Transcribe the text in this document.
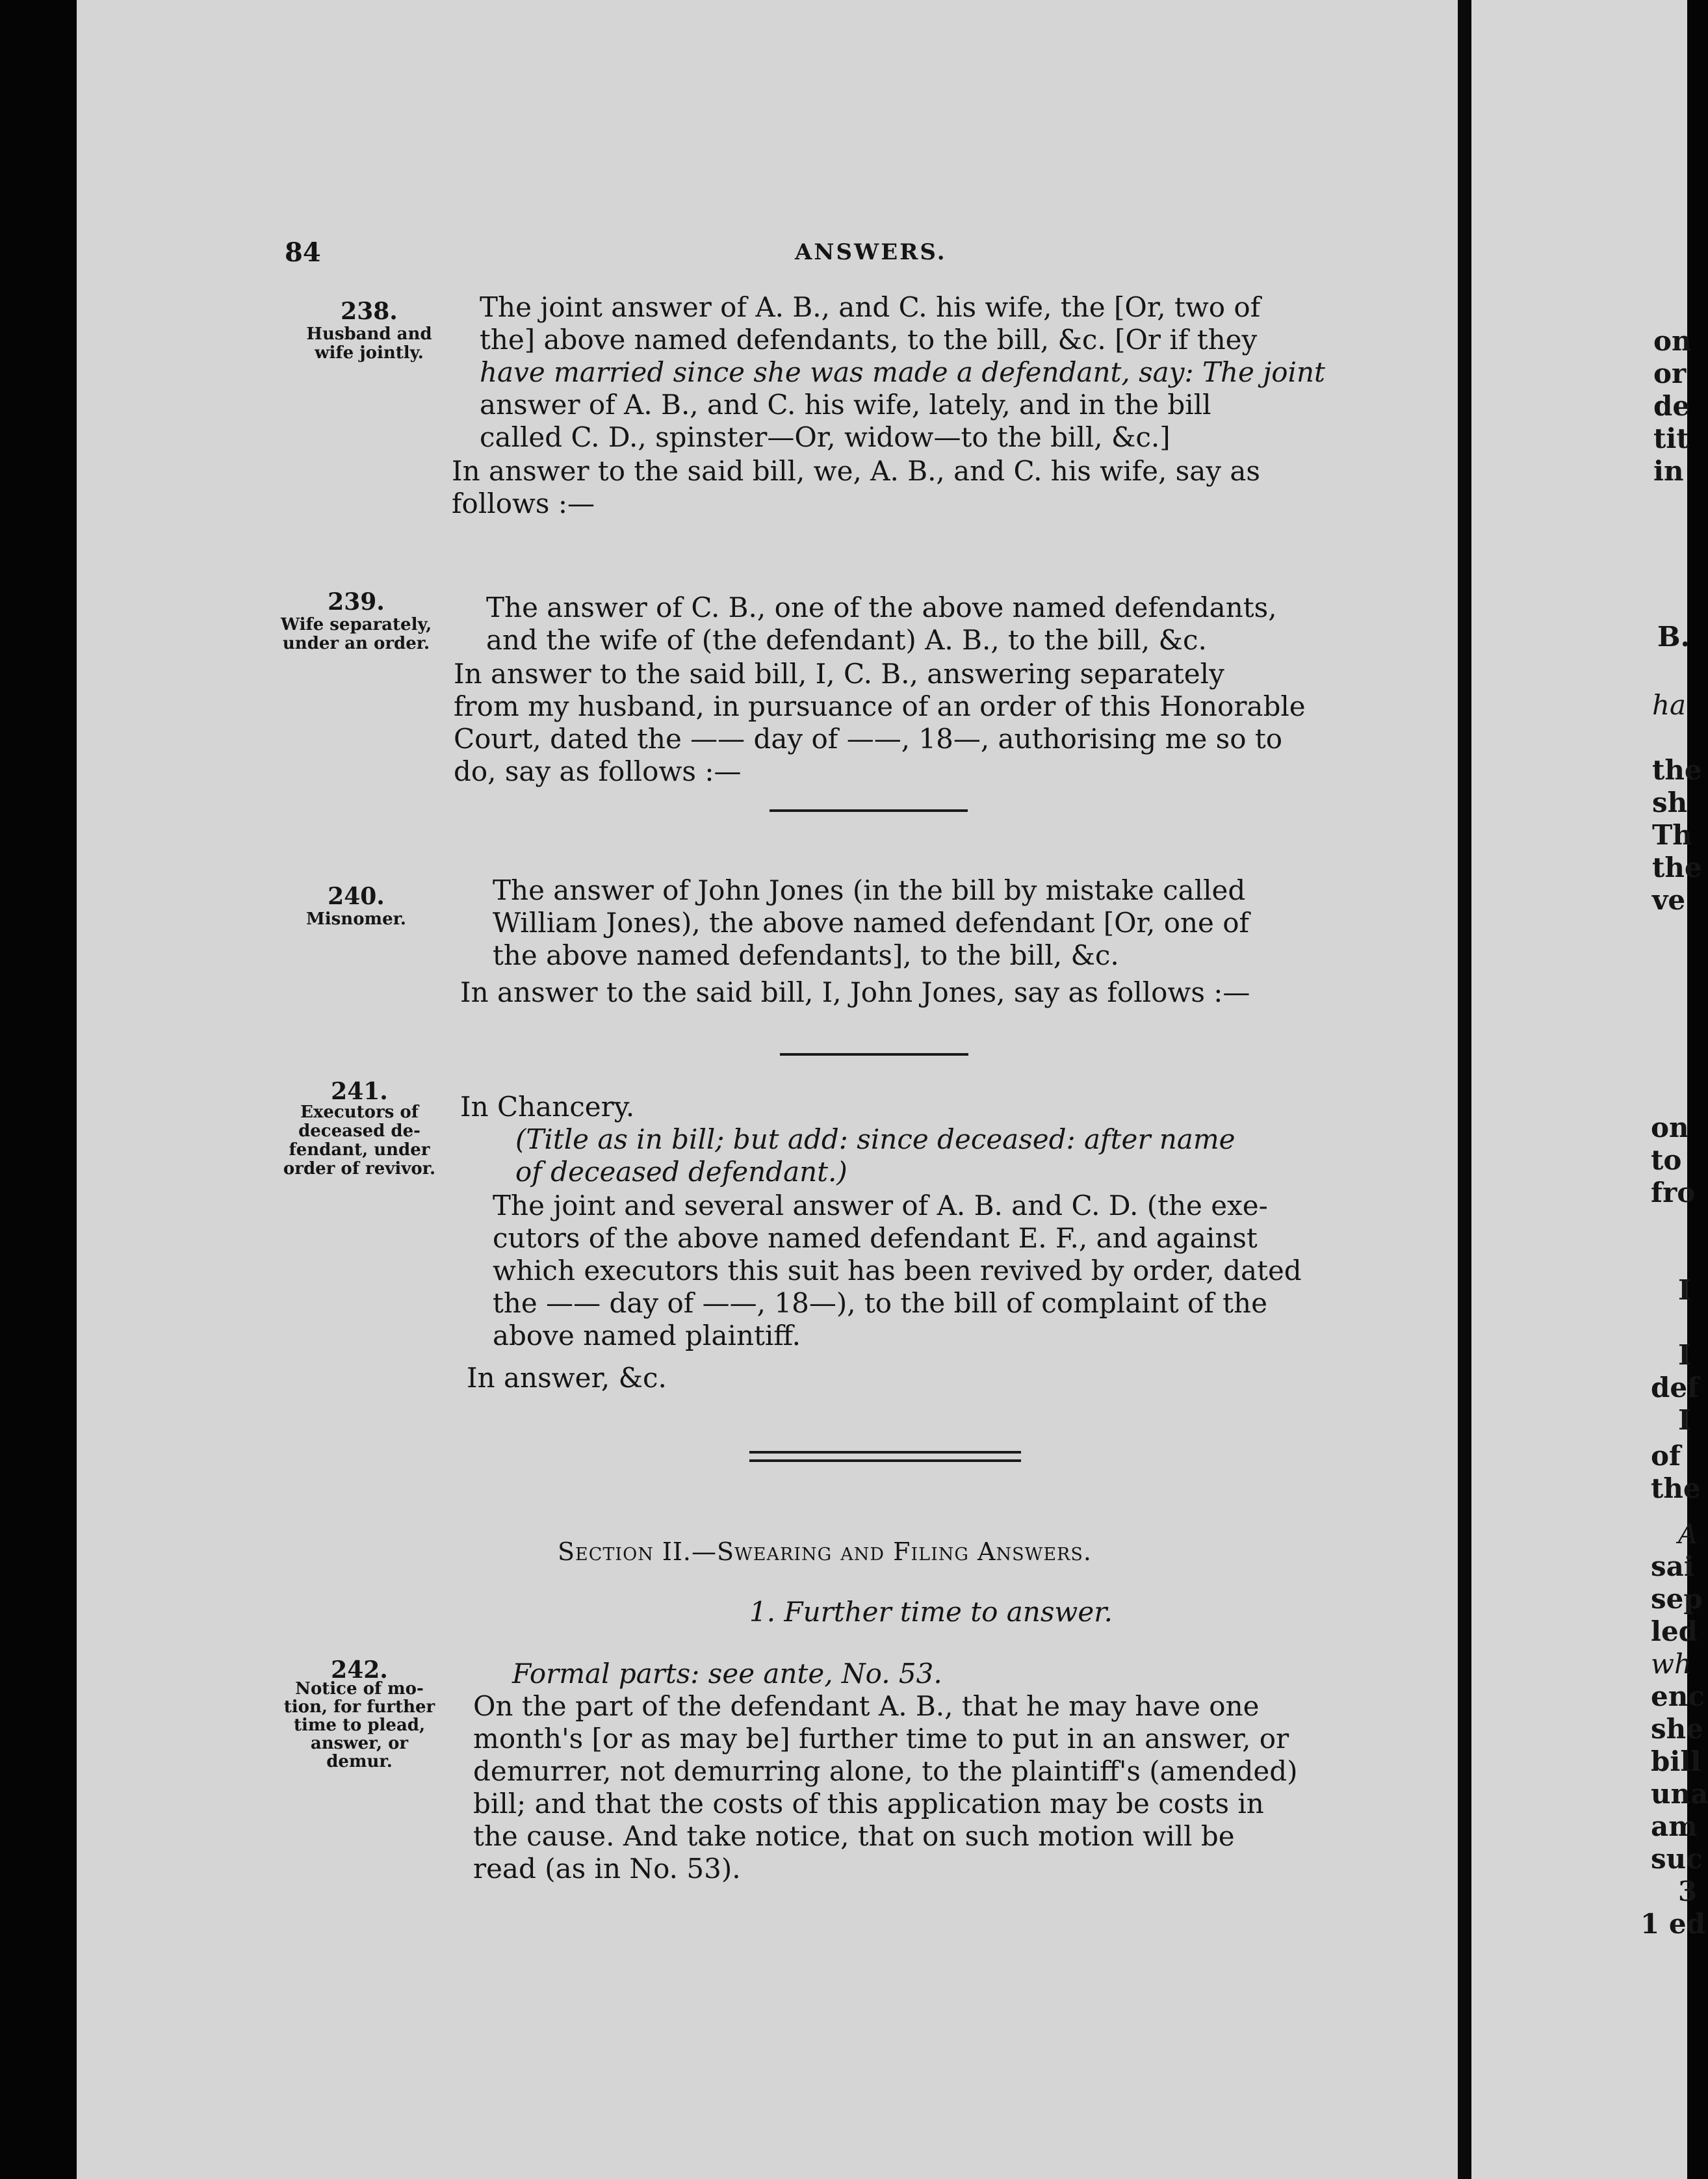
84	ANSWERS.
238.
Husband and
wife jointly.
The joint answer of A. B., and C. his wife, the [Or, two of
the] above named defendants, to the bill, &c. [Or if they
have married since she was made a defendant, say: The joint
answer of A. B., and C. his wife, lately, and in the bill
called C. D., spinster—Or, widow—to the bill, &c.]
In answer to the said bill, we, A. B., and C. his wife, say as
follows :—
239.
Wife separately,
under an order.
The answer of C. B., one of the above named defendants,
and the wife of (the defendant) A. B., to the bill, &c.
In answer to the said bill, I, C. B., answering separately
from my husband, in pursuance of an order of this Honorable
Court, dated the —— day of ——, 18—, authorising me so to
do, say as follows :—
240.
Misnomer.
The answer of John Jones (in the bill by mistake called
William Jones), the above named defendant [Or, one of
the above named defendants], to the bill, &c.
In answer to the said bill, I, John Jones, say as follows :—
241.
Executors of
deceased de-
fendant, under
order of revivor.
In Chancery.
(Title as in bill; but add: since deceased: after name
of deceased defendant.)
The joint and several answer of A. B. and C. D. (the exe-
cutors of the above named defendant E. F., and against
which executors this suit has been revived by order, dated
the —— day of ——, 18—), to the bill of complaint of the
above named plaintiff.
In answer, &c.
Section II.—Swearing and Filing Answers.
1. Further time to answer.
242.
Notice of mo-
tion, for further
time to plead,
answer, or
demur.
Formal parts: see ante, No. 53.
On the part of the defendant A. B., that he may have one
month's [or as may be] further time to put in an answer, or
demurrer, not demurring alone, to the plaintiff's (amended)
bill; and that the costs of this application may be costs in
the cause. And take notice, that on such motion will be
read (as in No. 53).
on
or
de
tit
in
B.
ha
the
sh
Th
the
ve
on
to
fro
I
I
def
I
of
the
A
sai
sep
led
wh
enc
she
bill
una
am
suc
3
1 ed
